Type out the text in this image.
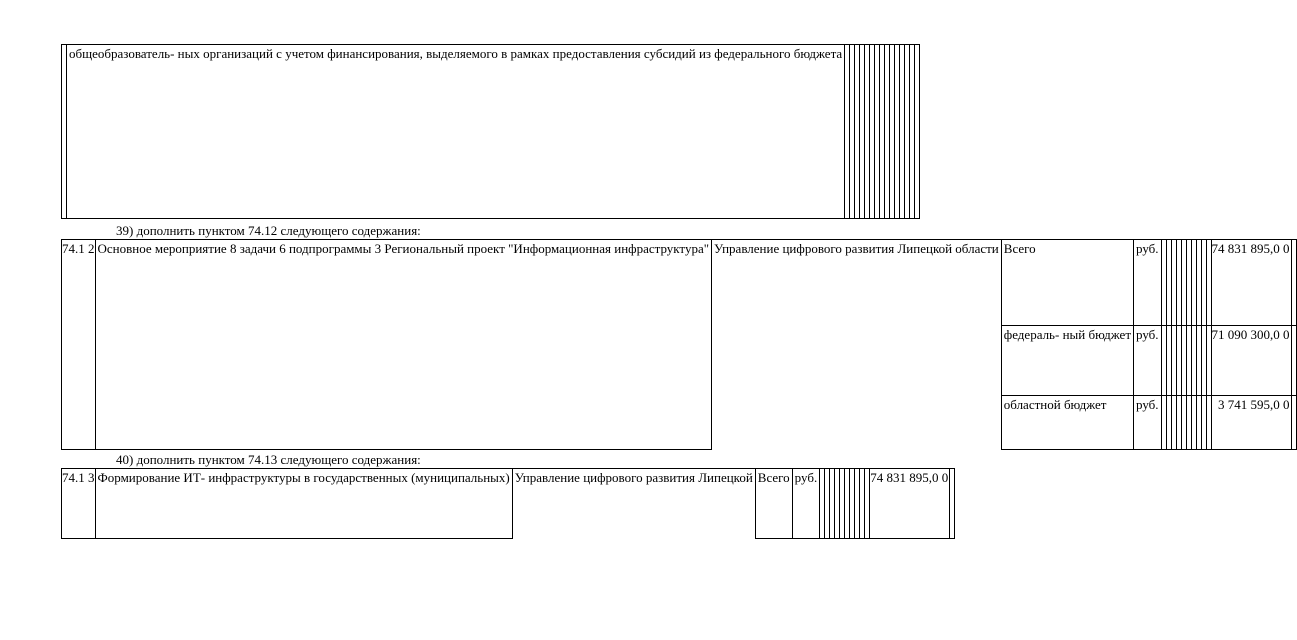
	общеобразователь- ных организаций с учетом финансирования, выделяемого в рамках предоставления субсидий из федерального бюджета															
39) дополнить пунктом 74.12 следующего содержания:
74.1 2	Основное мероприятие 8 задачи 6 подпрограммы 3 Региональный проект "Информационная инфраструктура"	Управление цифрового развития Липецкой области	Всего	руб.											74 831 895,0 0	
			федераль- ный бюджет	руб.											71 090 300,0 0	
			областной бюджет	руб.											3 741 595,0 0	
40) дополнить пунктом 74.13 следующего содержания:
74.1 3	Формирование ИТ- инфраструктуры в государственных (муниципальных)	Управление цифрового развития Липецкой	Всего	руб.											74 831 895,0 0	
